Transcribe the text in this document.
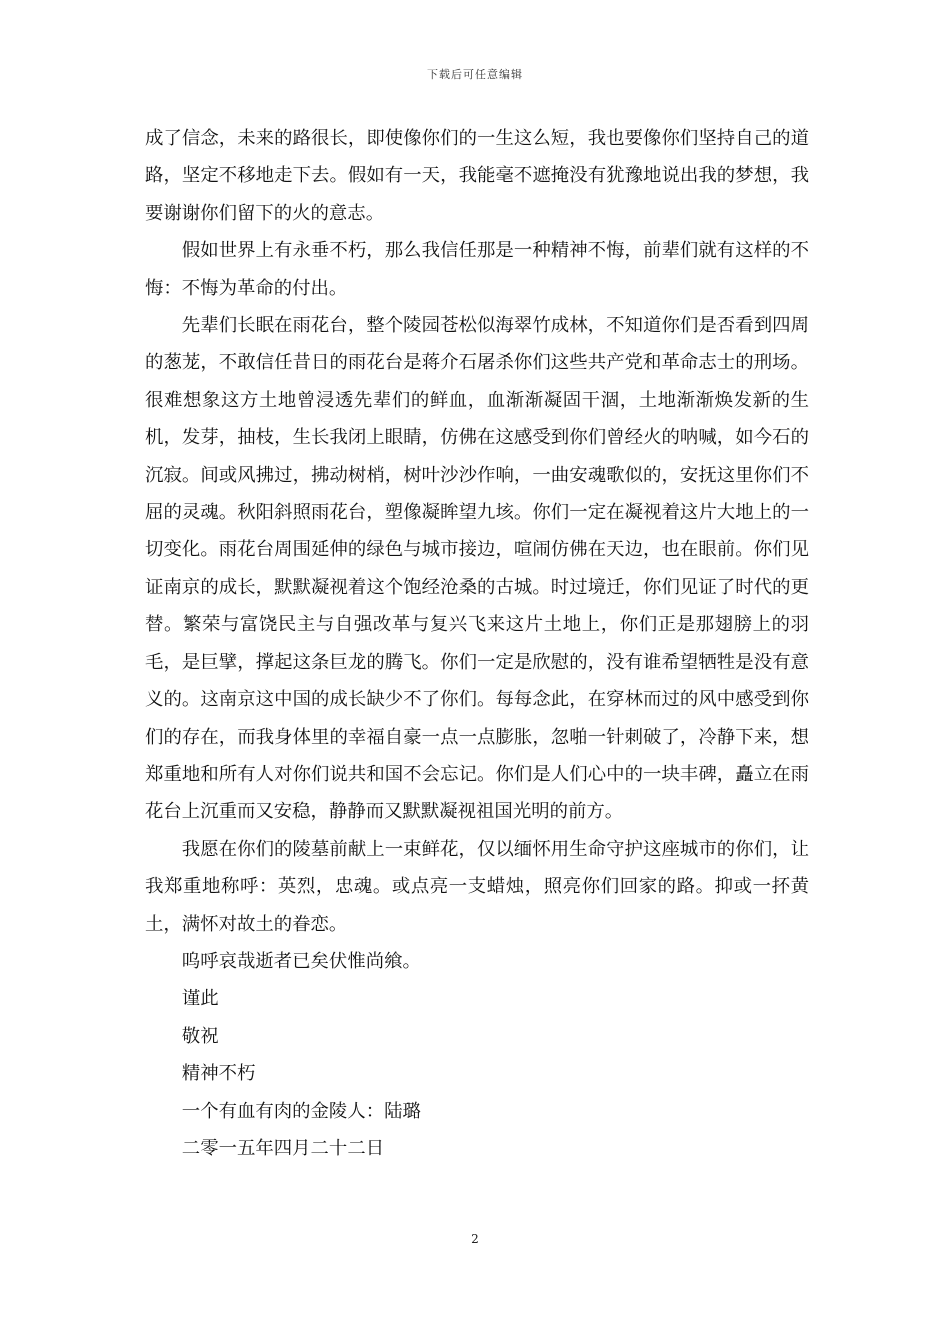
下载后可任意编辑

成了信念，未来的路很长，即使像你们的一生这么短，我也要像你们坚持自己的道路，坚定不移地走下去。假如有一天，我能毫不遮掩没有犹豫地说出我的梦想，我要谢谢你们留下的火的意志。

假如世界上有永垂不朽，那么我信任那是一种精神不悔，前辈们就有这样的不悔：不悔为革命的付出。

先辈们长眠在雨花台，整个陵园苍松似海翠竹成林，不知道你们是否看到四周的葱茏，不敢信任昔日的雨花台是蒋介石屠杀你们这些共产党和革命志士的刑场。很难想象这方土地曾浸透先辈们的鲜血，血渐渐凝固干涸，土地渐渐焕发新的生机，发芽，抽枝，生长我闭上眼睛，仿佛在这感受到你们曾经火的呐喊，如今石的沉寂。间或风拂过，拂动树梢，树叶沙沙作响，一曲安魂歌似的，安抚这里你们不屈的灵魂。秋阳斜照雨花台，塑像凝眸望九垓。你们一定在凝视着这片大地上的一切变化。雨花台周围延伸的绿色与城市接边，喧闹仿佛在天边，也在眼前。你们见证南京的成长，默默凝视着这个饱经沧桑的古城。时过境迁，你们见证了时代的更替。繁荣与富饶民主与自强改革与复兴飞来这片土地上，你们正是那翅膀上的羽毛，是巨擘，撑起这条巨龙的腾飞。你们一定是欣慰的，没有谁希望牺牲是没有意义的。这南京这中国的成长缺少不了你们。每每念此，在穿林而过的风中感受到你们的存在，而我身体里的幸福自豪一点一点膨胀，忽啪一针刺破了，冷静下来，想郑重地和所有人对你们说共和国不会忘记。你们是人们心中的一块丰碑，矗立在雨花台上沉重而又安稳，静静而又默默凝视祖国光明的前方。

我愿在你们的陵墓前献上一束鲜花，仅以缅怀用生命守护这座城市的你们，让我郑重地称呼：英烈，忠魂。或点亮一支蜡烛，照亮你们回家的路。抑或一抔黄土，满怀对故土的眷恋。

呜呼哀哉逝者已矣伏惟尚飨。

谨此

敬祝

精神不朽

一个有血有肉的金陵人：陆璐

二零一五年四月二十二日

2
